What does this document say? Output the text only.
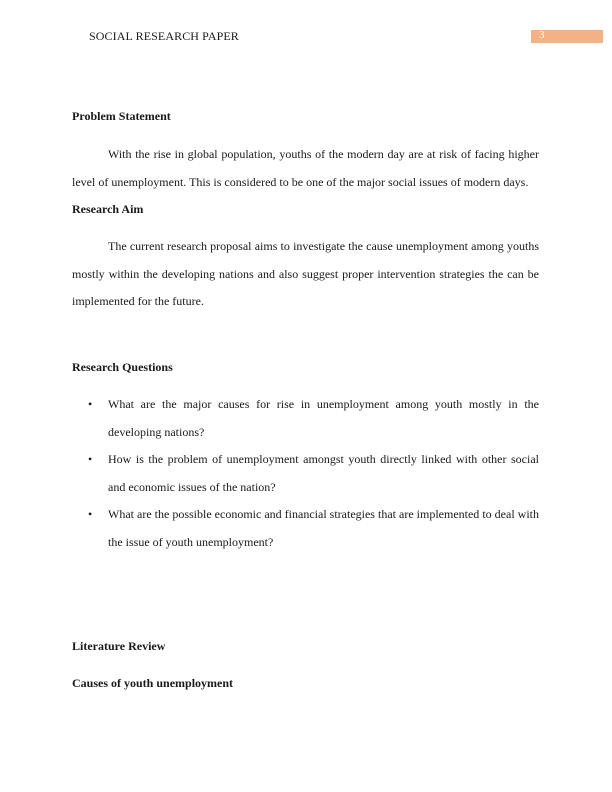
SOCIAL RESEARCH PAPER	3
Problem Statement

With the rise in global population, youths of the modern day are at risk of facing higher level of unemployment. This is considered to be one of the major social issues of modern days.

Research Aim

The current research proposal aims to investigate the cause unemployment among youths mostly within the developing nations and also suggest proper intervention strategies the can be implemented for the future.

Research Questions
• What are the major causes for rise in unemployment among youth mostly in the developing nations?
• How is the problem of unemployment amongst youth directly linked with other social and economic issues of the nation?
• What are the possible economic and financial strategies that are implemented to deal with the issue of youth unemployment?
Literature Review
Causes of youth unemployment
